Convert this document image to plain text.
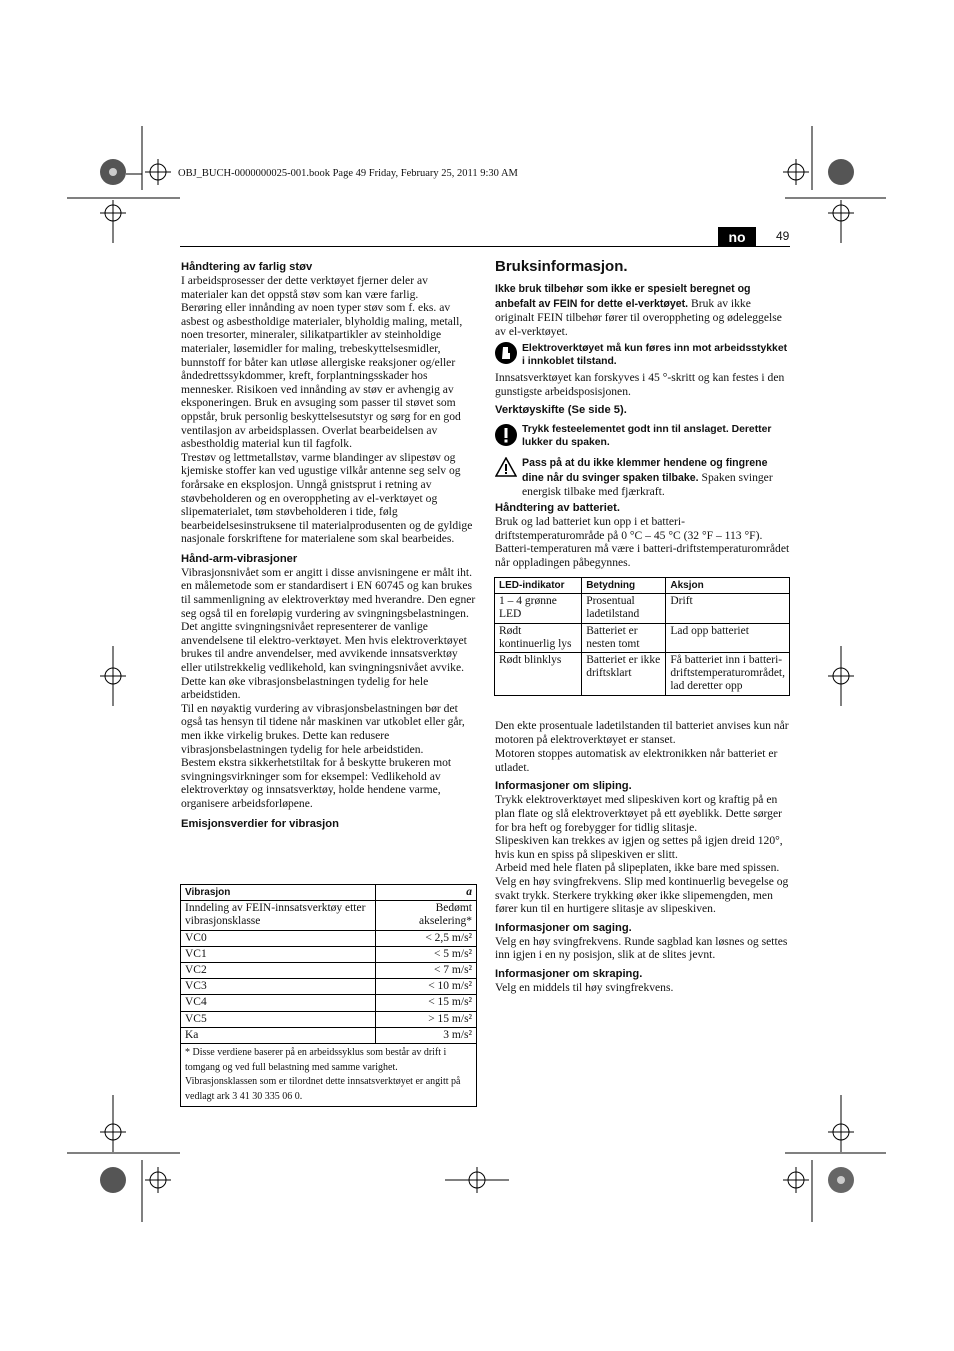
OBJ_BUCH-0000000025-001.book Page 49 Friday, February 25, 2011 9:30 AM
no	49

Håndtering av farlig støv

I arbeidsprosesser der dette verktøyet fjerner deler av materialer kan det oppstå støv som kan være farlig.

Berøring eller innånding av noen typer støv som f. eks. av asbest og asbestholdige materialer, blyholdig maling, metall, noen tresorter, mineraler, silikatpartikler av steinholdige materialer, løsemidler for maling, trebeskyttelsesmidler, bunnstoff for båter kan utløse allergiske reaksjoner og/eller åndedrettssykdommer, kreft, forplantningsskader hos mennesker. Risikoen ved innånding av støv er avhengig av eksponeringen. Bruk en avsuging som passer til støvet som oppstår, bruk personlig beskyttelsesutstyr og sørg for en god ventilasjon av arbeidsplassen. Overlat bearbeidelsen av asbestholdig material kun til fagfolk.

Trestøv og lettmetallstøv, varme blandinger av slipestøv og kjemiske stoffer kan ved ugustige vilkår antenne seg selv og forårsake en eksplosjon. Unngå gnistsprut i retning av støvbeholderen og en overoppheting av el-verktøyet og slipematerialet, tøm støvbeholderen i tide, følg bearbeidelsesinstruksene til materialprodusenten og de gyldige nasjonale forskriftene for materialene som skal bearbeides.

Hånd-arm-vibrasjoner

Vibrasjonsnivået som er angitt i disse anvisningene er målt iht. en målemetode som er standardisert i EN 60745 og kan brukes til sammenligning av elektroverktøy med hverandre. Den egner seg også til en foreløpig vurdering av svingningsbelastningen.

Det angitte svingningsnivået representerer de vanlige anvendelsene til elektro-verktøyet. Men hvis elektroverktøyet brukes til andre anvendelser, med avvikende innsatsverktøy eller utilstrekkelig vedlikehold, kan svingningsnivået avvike. Dette kan øke vibrasjonsbelastningen tydelig for hele arbeidstiden.

Til en nøyaktig vurdering av vibrasjonsbelastningen bør det også tas hensyn til tidene når maskinen var utkoblet eller går, men ikke virkelig brukes. Dette kan redusere vibrasjonsbelastningen tydelig for hele arbeidstiden.

Bestem ekstra sikkerhetstiltak for å beskytte brukeren mot svingningsvirkninger som for eksempel: Vedlikehold av elektroverktøy og innsatsverktøy, holde hendene varme, organisere arbeidsforløpene.

Emisjonsverdier for vibrasjon

Vibrasjon	a
Inndeling av FEIN-innsatsverktøy etter vibrasjonsklasse	Bedømt akselering*
VC0	< 2,5 m/s²
VC1	< 5 m/s²
VC2	< 7 m/s²
VC3	< 10 m/s²
VC4	< 15 m/s²
VC5	> 15 m/s²
Ka	3 m/s²

* Disse verdiene baserer på en arbeidssyklus som består av drift i tomgang og ved full belastning med samme varighet.
Vibrasjonsklassen som er tilordnet dette innsatsverktøyet er angitt på vedlagt ark 3 41 30 335 06 0.	

Bruksinformasjon.

Ikke bruk tilbehør som ikke er spesielt beregnet og anbefalt av FEIN for dette el-verktøyet. Bruk av ikke originalt FEIN tilbehør fører til overoppheting og ødeleggelse av el-verktøyet.

Elektroverktøyet må kun føres inn mot arbeidsstykket i innkoblet tilstand.

Innsatsverktøyet kan forskyves i 45 °-skritt og kan festes i den gunstigste arbeidsposisjonen.

Verktøyskifte (Se side 5).

Trykk festeelementet godt inn til anslaget. Deretter lukker du spaken.

Pass på at du ikke klemmer hendene og fingrene dine når du svinger spaken tilbake. Spaken svinger energisk tilbake med fjærkraft.

Håndtering av batteriet.

Bruk og lad batteriet kun opp i et batteri-driftstemperaturområde på 0 °C – 45 °C (32 °F – 113 °F). Batteri-temperaturen må være i batteri-driftstemperaturområdet når oppladingen påbegynnes.

LED-indikator	Betydning	Aksjon
1 – 4 grønne LED	Prosentual ladetilstand	Drift
Rødt kontinuerlig lys	Batteriet er nesten tomt	Lad opp batteriet
Rødt blinklys	Batteriet er ikke driftsklart	Få batteriet inn i batteri-driftstemperaturområdet, lad deretter opp

Den ekte prosentuale ladetilstanden til batteriet anvises kun når motoren på elektroverktøyet er stanset.

Motoren stoppes automatisk av elektronikken når batteriet er utladet.

Informasjoner om sliping.

Trykk elektroverktøyet med slipeskiven kort og kraftig på en plan flate og slå elektroverktøyet på ett øyeblikk. Dette sørger for bra heft og forebygger for tidlig slitasje.

Slipeskiven kan trekkes av igjen og settes på igjen dreid 120°, hvis kun en spiss på slipeskiven er slitt.

Arbeid med hele flaten på slipeplaten, ikke bare med spissen. Velg en høy svingfrekvens. Slip med kontinuerlig bevegelse og svakt trykk. Sterkere trykking øker ikke slipemengden, men fører kun til en hurtigere slitasje av slipeskiven.

Informasjoner om saging.

Velg en høy svingfrekvens. Runde sagblad kan løsnes og settes inn igjen i en ny posisjon, slik at de slites jevnt.

Informasjoner om skraping.

Velg en middels til høy svingfrekvens.
